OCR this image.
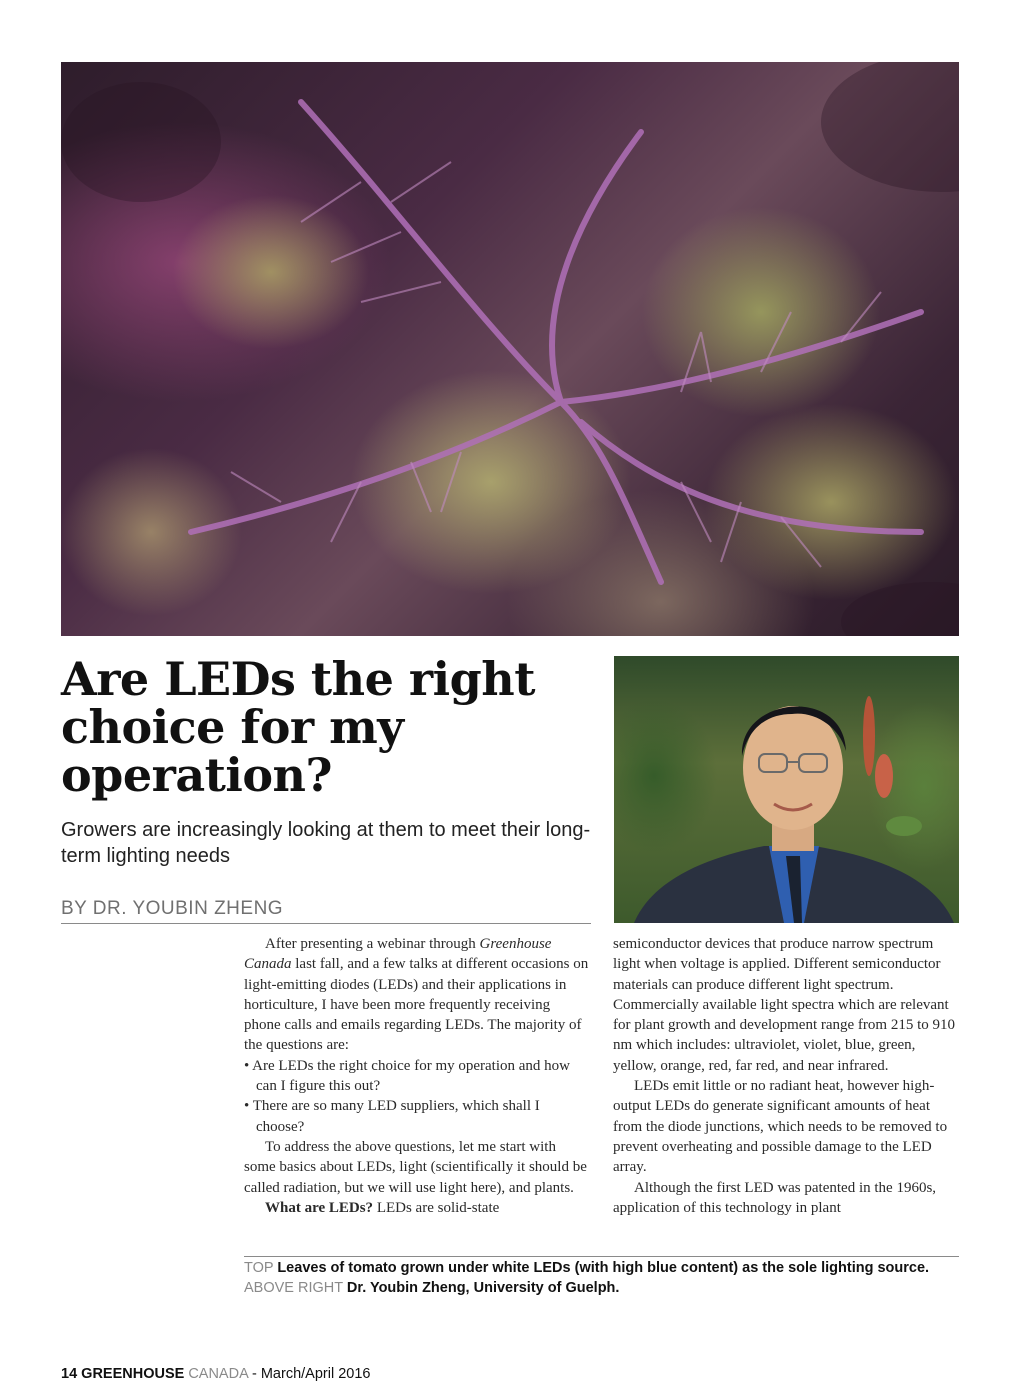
Are LEDs the right choice for my operation?

Growers are increasingly looking at them to meet their long-term lighting needs

BY DR. YOUBIN ZHENG

After presenting a webinar through Greenhouse Canada last fall, and a few talks at different occasions on light-emitting diodes (LEDs) and their applications in horticulture, I have been more frequently receiving phone calls and emails regarding LEDs. The majority of the questions are:

• Are LEDs the right choice for my operation and how can I figure this out?

• There are so many LED suppliers, which shall I choose?

To address the above questions, let me start with some basics about LEDs, light (scientifically it should be called radiation, but we will use light here), and plants.

What are LEDs? LEDs are solid-state

semiconductor devices that produce narrow spectrum light when voltage is applied. Different semiconductor materials can produce different light spectrum. Commercially available light spectra which are relevant for plant growth and development range from 215 to 910 nm which includes: ultraviolet, violet, blue, green, yellow, orange, red, far red, and near infrared.

LEDs emit little or no radiant heat, however high-output LEDs do generate significant amounts of heat from the diode junctions, which needs to be removed to prevent overheating and possible damage to the LED array.

Although the first LED was patented in the 1960s, application of this technology in plant

TOP Leaves of tomato grown under white LEDs (with high blue content) as the sole lighting source.
ABOVE RIGHT Dr. Youbin Zheng, University of Guelph.
14 GREENHOUSE CANADA - March/April 2016
